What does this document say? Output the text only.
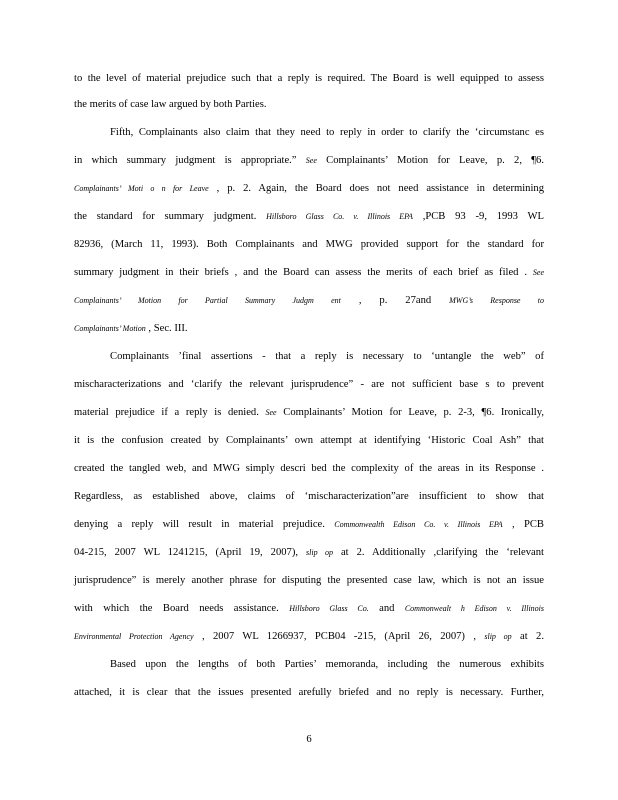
to the level of material prejudice such that a reply is required. The Board is well equipped to assess
the merits of case law argued by both Parties.
Fifth, Complainants also claim that they need to reply in order to clarify the ‘circumstanc es
in which summary judgment is appropriate.” See Complainants’ Motion for Leave, p. 2, ¶6.
Complainants’ Moti o n for Leave , p. 2. Again, the Board does not need assistance in determining
the standard for summary judgment. Hillsboro Glass Co. v. Illinois EPA ,PCB 93 -9, 1993 WL
82936, (March 11, 1993). Both Complainants and MWG provided support for the standard for
summary judgment in their briefs , and the Board can assess the merits of each brief as filed . See
Complainants’ Motion for Partial Summary Judgm ent , p. 27and MWG’s Response to
Complainants’ Motion , Sec. III.
Complainants ’final assertions - that a reply is necessary to ‘untangle the web” of
mischaracterizations and ‘clarify the relevant jurisprudence” - are not sufficient base s to prevent
material prejudice if a reply is denied. See Complainants’ Motion for Leave, p. 2-3, ¶6. Ironically,
it is the confusion created by Complainants’ own attempt at identifying ‘Historic Coal Ash” that
created the tangled web, and MWG simply descri bed the complexity of the areas in its Response .
Regardless, as established above, claims of ‘mischaracterization”are insufficient to show that
denying a reply will result in material prejudice. Commonwealth Edison Co. v. Illinois EPA , PCB
04-215, 2007 WL 1241215, (April 19, 2007), slip op at 2. Additionally ,clarifying the ‘relevant
jurisprudence” is merely another phrase for disputing the presented case law, which is not an issue
with which the Board needs assistance. Hillsboro Glass Co. and Commonwealt h Edison v. Illinois
Environmental Protection Agency , 2007 WL 1266937, PCB04 -215, (April 26, 2007) , slip op at 2.
Based upon the lengths of both Parties’ memoranda, including the numerous exhibits
attached, it is clear that the issues presented arefully briefed and no reply is necessary. Further,
6
